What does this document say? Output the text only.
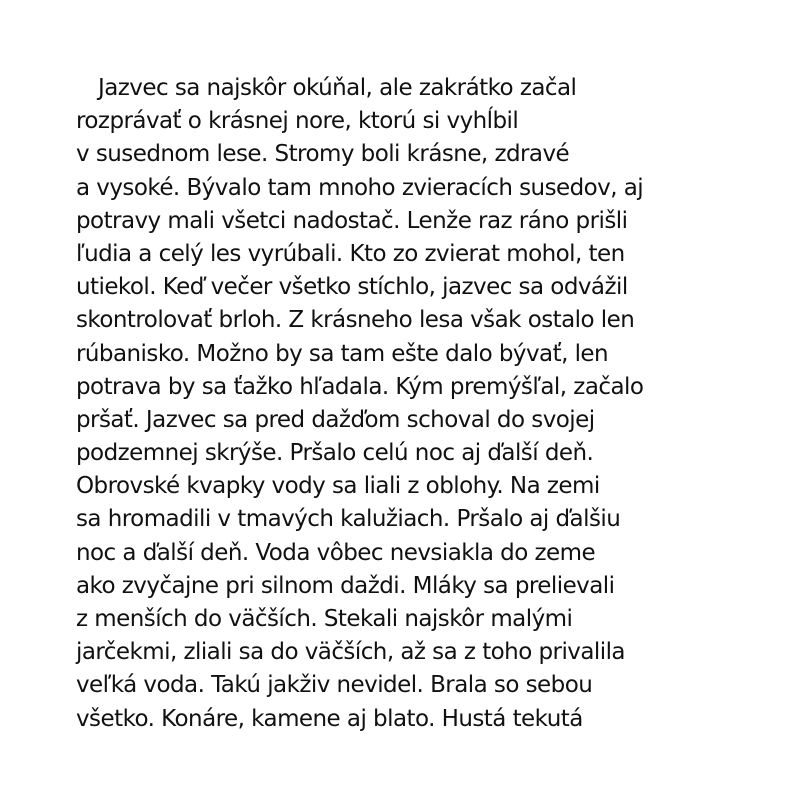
Jazvec sa najskôr okúňal, ale zakrátko začal
rozprávať o krásnej nore, ktorú si vyhĺbil
v susednom lese. Stromy boli krásne, zdravé
a vysoké. Bývalo tam mnoho zvieracích susedov, aj
potravy mali všetci nadostač. Lenže raz ráno prišli
ľudia a celý les vyrúbali. Kto zo zvierat mohol, ten
utiekol. Keď večer všetko stíchlo, jazvec sa odvážil
skontrolovať brloh. Z krásneho lesa však ostalo len
rúbanisko. Možno by sa tam ešte dalo bývať, len
potrava by sa ťažko hľadala. Kým premýšľal, začalo
pršať. Jazvec sa pred dažďom schoval do svojej
podzemnej skrýše. Pršalo celú noc aj ďalší deň.
Obrovské kvapky vody sa liali z oblohy. Na zemi
sa hromadili v tmavých kalužiach. Pršalo aj ďalšiu
noc a ďalší deň. Voda vôbec nevsiakla do zeme
ako zvyčajne pri silnom daždi. Mláky sa prelievali
z menších do väčších. Stekali najskôr malými
jarčekmi, zliali sa do väčších, až sa z toho privalila
veľká voda. Takú jakživ nevidel. Brala so sebou
všetko. Konáre, kamene aj blato. Hustá tekutá
